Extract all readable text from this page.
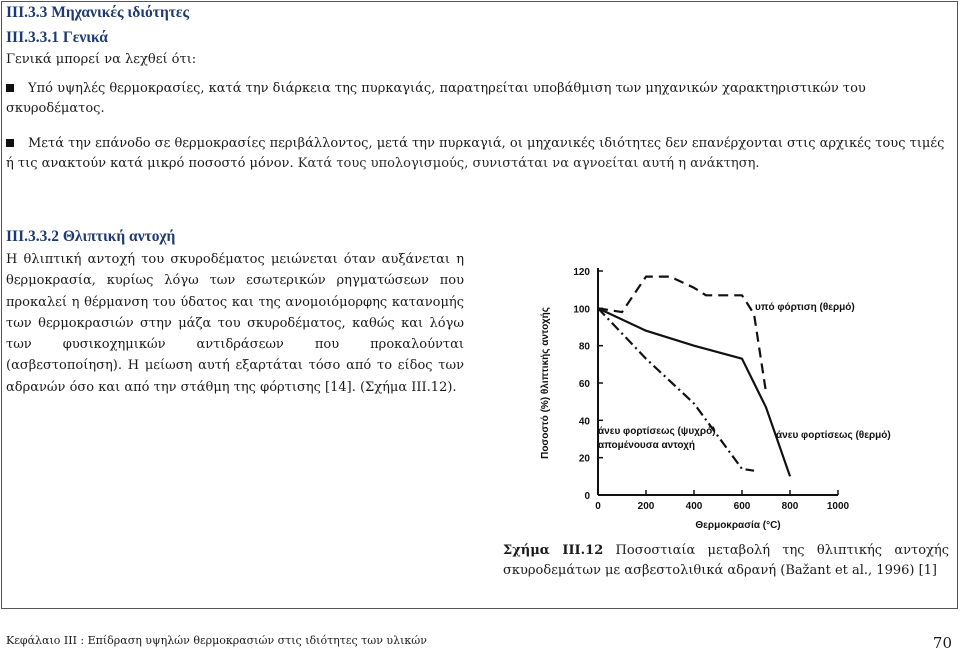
III.3.3 Μηχανικές ιδιότητες
III.3.3.1 Γενικά
Γενικά μπορεί να λεχθεί ότι:
Υπό υψηλές θερμοκρασίες, κατά την διάρκεια της πυρκαγιάς, παρατηρείται υποβάθμιση των μηχανικών χαρακτηριστικών του σκυροδέματος.
Μετά την επάνοδο σε θερμοκρασίες περιβάλλοντος, μετά την πυρκαγιά, οι μηχανικές ιδιότητες δεν επανέρχονται στις αρχικές τους τιμές ή τις ανακτούν κατά μικρό ποσοστό μόνον. Κατά τους υπολογισμούς, συνιστάται να αγνοείται αυτή η ανάκτηση.
III.3.3.2 Θλιπτική αντοχή
Η θλιπτική αντοχή του σκυροδέματος μειώνεται όταν αυξάνεται η θερμοκρασία, κυρίως λόγω των εσωτερικών ρηγματώσεων που προκαλεί η θέρμανση του ύδατος και της ανομοιόμορφης κατανομής των θερμοκρασιών στην μάζα του σκυροδέματος, καθώς και λόγω των φυσικοχημικών αντιδράσεων που προκαλούνται (ασβεστοποίηση). Η μείωση αυτή εξαρτάται τόσο από το είδος των αδρανών όσο και από την στάθμη της φόρτισης [14]. (Σχήμα ΙΙΙ.12).
0
20
40
60
80
100
120
0	200	400	600	800	1000
Θερμοκρασία (°C)
Ποσοστό (%) θλιπτικής αντοχής	υπό φόρτιση (θερμό)
άνευ φορτίσεως (ψυχρό)
απομένουσα αντοχή
άνευ φορτίσεως (θερμό)
Σχήμα ΙΙΙ.12 Ποσοστιαία μεταβολή της θλιπτικής αντοχής σκυροδεμάτων με ασβεστολιθικά αδρανή (Bažant et al., 1996) [1]
Κεφάλαιο ΙΙΙ : Επίδραση υψηλών θερμοκρασιών στις ιδιότητες των υλικών	70
